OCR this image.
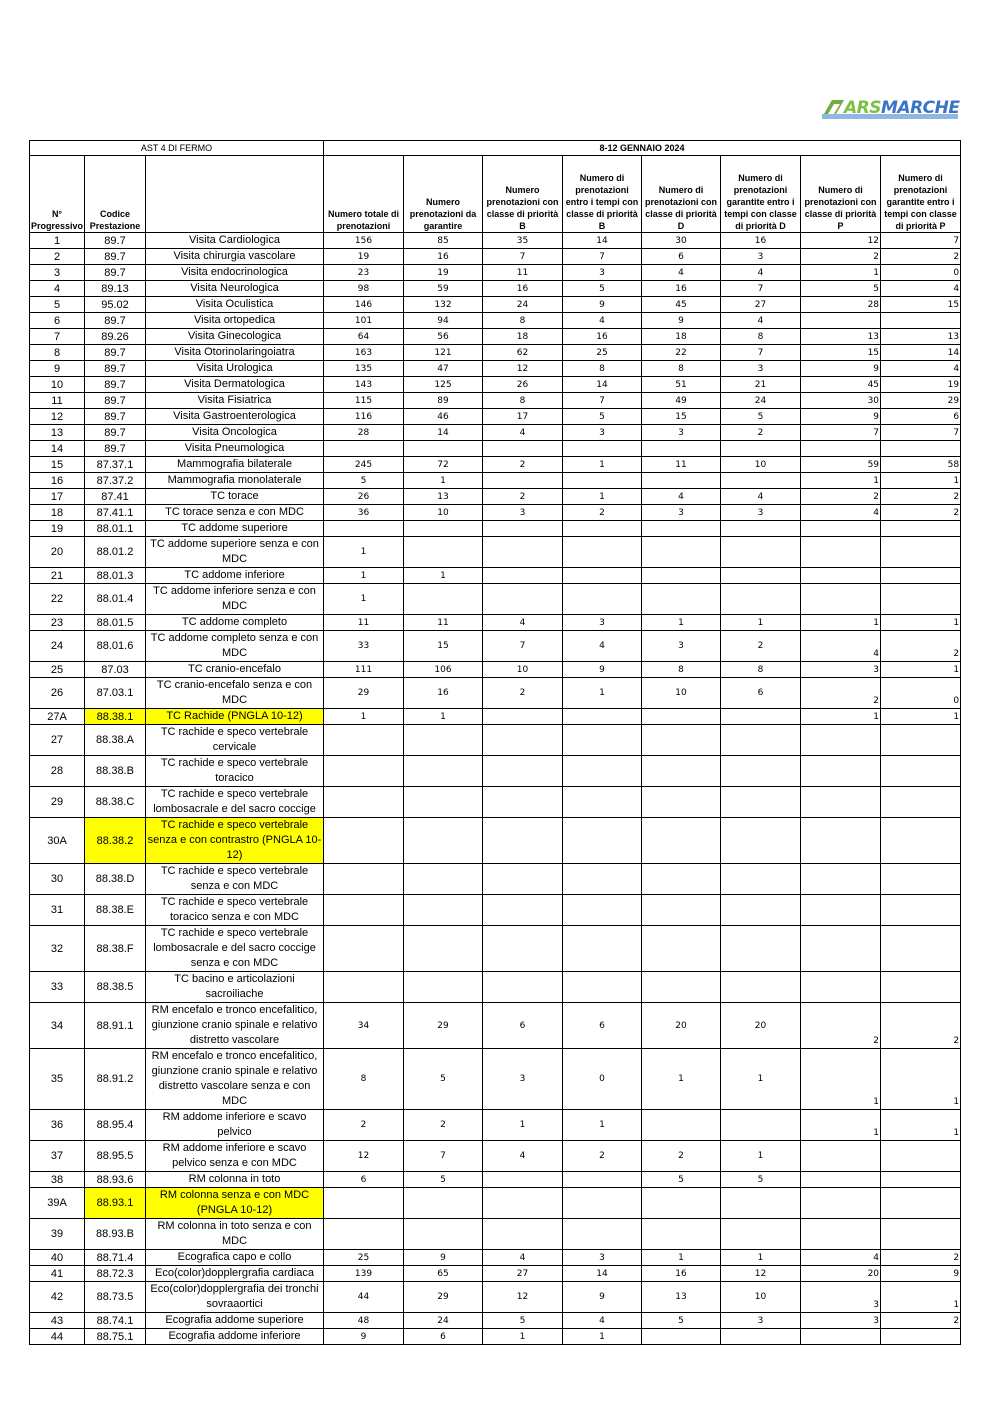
ARSMARCHE
AST 4 DI FERMO			8-12 GENNAIO 2024							
N° Progressivo	Codice Prestazione		Numero totale di prenotazioni	Numero prenotazioni da garantire	Numero prenotazioni con classe di priorità B	Numero di prenotazioni entro i tempi con classe di priorità B	Numero di prenotazioni con classe di priorità D	Numero di prenotazioni garantite entro i tempi con classe di priorità D	Numero di prenotazioni con classe di priorità P	Numero di prenotazioni garantite entro i tempi con classe di priorità P
1	89.7	Visita Cardiologica	156	85	35	14	30	16	12	7
2	89.7	Visita chirurgia vascolare	19	16	7	7	6	3	2	2
3	89.7	Visita endocrinologica	23	19	11	3	4	4	1	0
4	89.13	Visita Neurologica	98	59	16	5	16	7	5	4
5	95.02	Visita Oculistica	146	132	24	9	45	27	28	15
6	89.7	Visita ortopedica	101	94	8	4	9	4		
7	89.26	Visita Ginecologica	64	56	18	16	18	8	13	13
8	89.7	Visita Otorinolaringoiatra	163	121	62	25	22	7	15	14
9	89.7	Visita Urologica	135	47	12	8	8	3	9	4
10	89.7	Visita Dermatologica	143	125	26	14	51	21	45	19
11	89.7	Visita Fisiatrica	115	89	8	7	49	24	30	29
12	89.7	Visita Gastroenterologica	116	46	17	5	15	5	9	6
13	89.7	Visita Oncologica	28	14	4	3	3	2	7	7
14	89.7	Visita Pneumologica								
15	87.37.1	Mammografia bilaterale	245	72	2	1	11	10	59	58
16	87.37.2	Mammografia monolaterale	5	1					1	1
17	87.41	TC torace	26	13	2	1	4	4	2	2
18	87.41.1	TC torace senza e con MDC	36	10	3	2	3	3	4	2
19	88.01.1	TC addome superiore								
20	88.01.2	TC addome superiore senza e con MDC	1							
21	88.01.3	TC addome inferiore	1	1						
22	88.01.4	TC addome inferiore senza e con MDC	1							
23	88.01.5	TC addome completo	11	11	4	3	1	1	1	1
24	88.01.6	TC addome completo senza e con MDC	33	15	7	4	3	2	4	2
25	87.03	TC cranio-encefalo	111	106	10	9	8	8	3	1
26	87.03.1	TC cranio-encefalo senza e con MDC	29	16	2	1	10	6	2	0
27A	88.38.1	TC Rachide (PNGLA 10-12)	1	1					1	1
27	88.38.A	TC rachide e speco vertebrale cervicale								
28	88.38.B	TC rachide e speco vertebrale toracico								
29	88.38.C	TC rachide e speco vertebrale lombosacrale e del sacro coccige								
30A	88.38.2	TC rachide e speco vertebrale senza e con contrastro (PNGLA 10-12)								
30	88.38.D	TC rachide e speco vertebrale senza e con MDC								
31	88.38.E	TC rachide e speco vertebrale toracico senza e con MDC								
32	88.38.F	TC rachide e speco vertebrale lombosacrale e del sacro coccige senza e con MDC								
33	88.38.5	TC bacino e articolazioni sacroiliache								
34	88.91.1	RM encefalo e tronco encefalitico, giunzione cranio spinale e relativo distretto vascolare	34	29	6	6	20	20	2	2
35	88.91.2	RM encefalo e tronco encefalitico, giunzione cranio spinale e relativo distretto vascolare senza e con MDC	8	5	3	0	1	1	1	1
36	88.95.4	RM addome inferiore e scavo pelvico	2	2	1	1			1	1
37	88.95.5	RM addome inferiore e scavo pelvico senza e con MDC	12	7	4	2	2	1		
38	88.93.6	RM colonna in toto	6	5			5	5		
39A	88.93.1	RM colonna senza e con MDC (PNGLA 10-12)								
39	88.93.B	RM colonna in toto senza e con MDC								
40	88.71.4	Ecografica capo e collo	25	9	4	3	1	1	4	2
41	88.72.3	Eco(color)dopplergrafia cardiaca	139	65	27	14	16	12	20	9
42	88.73.5	Eco(color)dopplergrafia dei tronchi sovraaortici	44	29	12	9	13	10	3	1
43	88.74.1	Ecografia addome superiore	48	24	5	4	5	3	3	2
44	88.75.1	Ecografia addome inferiore	9	6	1	1				
